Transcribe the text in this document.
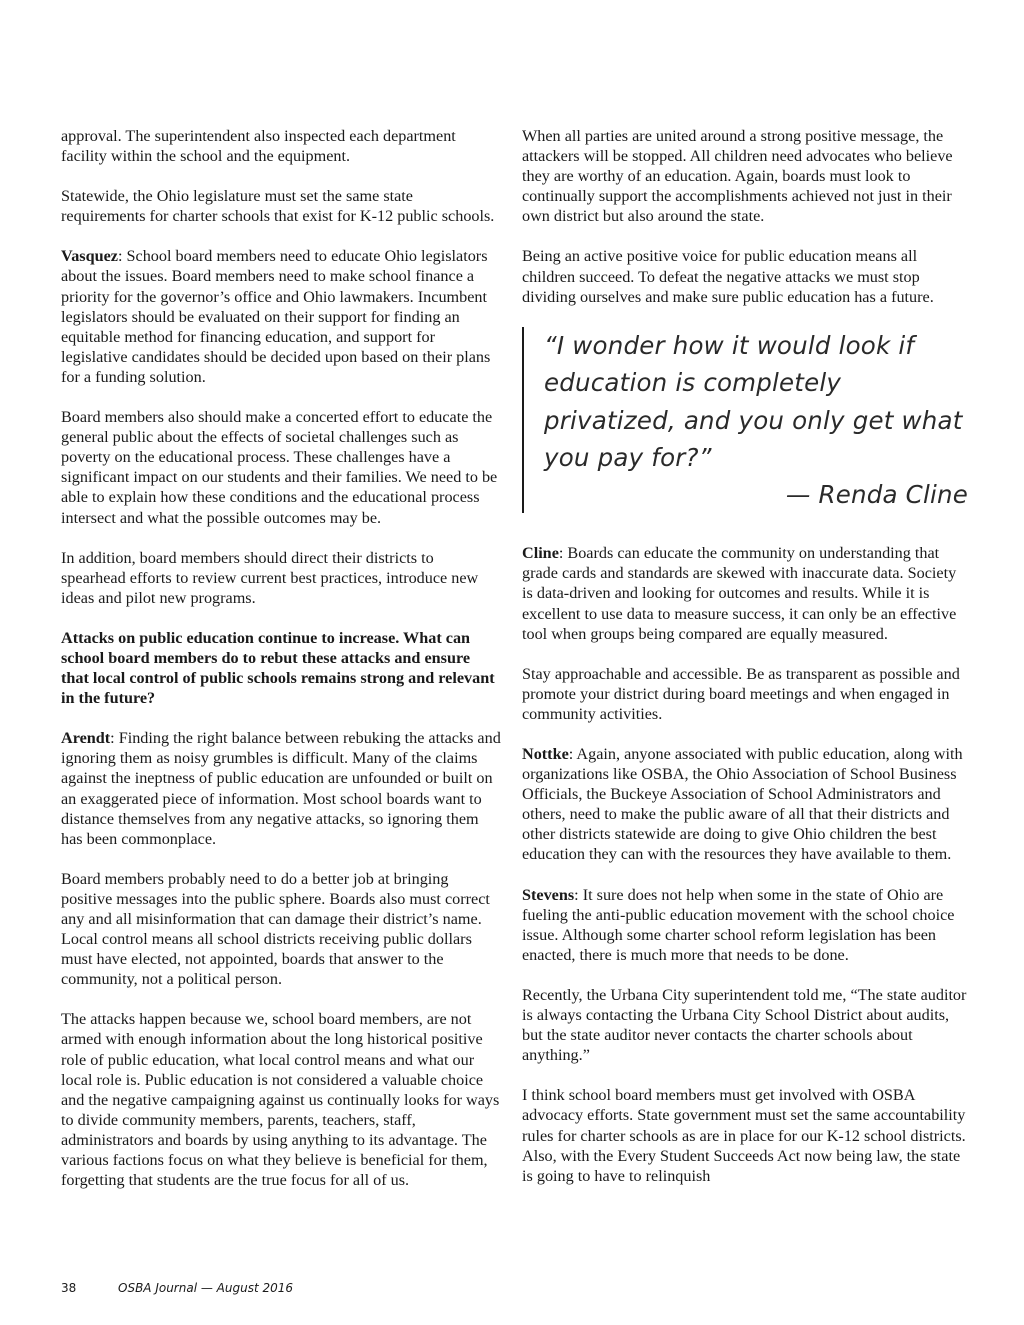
approval. The superintendent also inspected each department facility within the school and the equipment.

Statewide, the Ohio legislature must set the same state requirements for charter schools that exist for K-12 public schools.

Vasquez: School board members need to educate Ohio legislators about the issues. Board members need to make school finance a priority for the governor’s office and Ohio lawmakers. Incumbent legislators should be evaluated on their support for finding an equitable method for financing education, and support for legislative candidates should be decided upon based on their plans for a funding solution.

Board members also should make a concerted effort to educate the general public about the effects of societal challenges such as poverty on the educational process. These challenges have a significant impact on our students and their families. We need to be able to explain how these conditions and the educational process intersect and what the possible outcomes may be.

In addition, board members should direct their districts to spearhead efforts to review current best practices, introduce new ideas and pilot new programs.

Attacks on public education continue to increase. What can school board members do to rebut these attacks and ensure that local control of public schools remains strong and relevant in the future?

Arendt: Finding the right balance between rebuking the attacks and ignoring them as noisy grumbles is difficult. Many of the claims against the ineptness of public education are unfounded or built on an exaggerated piece of information. Most school boards want to distance themselves from any negative attacks, so ignoring them has been commonplace.

Board members probably need to do a better job at bringing positive messages into the public sphere. Boards also must correct any and all misinformation that can damage their district’s name. Local control means all school districts receiving public dollars must have elected, not appointed, boards that answer to the community, not a political person.

The attacks happen because we, school board members, are not armed with enough information about the long historical positive role of public education, what local control means and what our local role is. Public education is not considered a valuable choice and the negative campaigning against us continually looks for ways to divide community members, parents, teachers, staff, administrators and boards by using anything to its advantage. The various factions focus on what they believe is beneficial for them, forgetting that students are the true focus for all of us.

When all parties are united around a strong positive message, the attackers will be stopped. All children need advocates who believe they are worthy of an education. Again, boards must look to continually support the accomplishments achieved not just in their own district but also around the state.

Being an active positive voice for public education means all children succeed. To defeat the negative attacks we must stop dividing ourselves and make sure public education has a future.

“I wonder how it would look if education is completely privatized, and you only get what you pay for?”
— Renda Cline

Cline: Boards can educate the community on understanding that grade cards and standards are skewed with inaccurate data. Society is data-driven and looking for outcomes and results. While it is excellent to use data to measure success, it can only be an effective tool when groups being compared are equally measured.

Stay approachable and accessible. Be as transparent as possible and promote your district during board meetings and when engaged in community activities.

Nottke: Again, anyone associated with public education, along with organizations like OSBA, the Ohio Association of School Business Officials, the Buckeye Association of School Administrators and others, need to make the public aware of all that their districts and other districts statewide are doing to give Ohio children the best education they can with the resources they have available to them.

Stevens: It sure does not help when some in the state of Ohio are fueling the anti-public education movement with the school choice issue. Although some charter school reform legislation has been enacted, there is much more that needs to be done.

Recently, the Urbana City superintendent told me, “The state auditor is always contacting the Urbana City School District about audits, but the state auditor never contacts the charter schools about anything.”

I think school board members must get involved with OSBA advocacy efforts. State government must set the same accountability rules for charter schools as are in place for our K-12 school districts. Also, with the Every Student Succeeds Act now being law, the state is going to have to relinquish

38	OSBA Journal — August 2016
